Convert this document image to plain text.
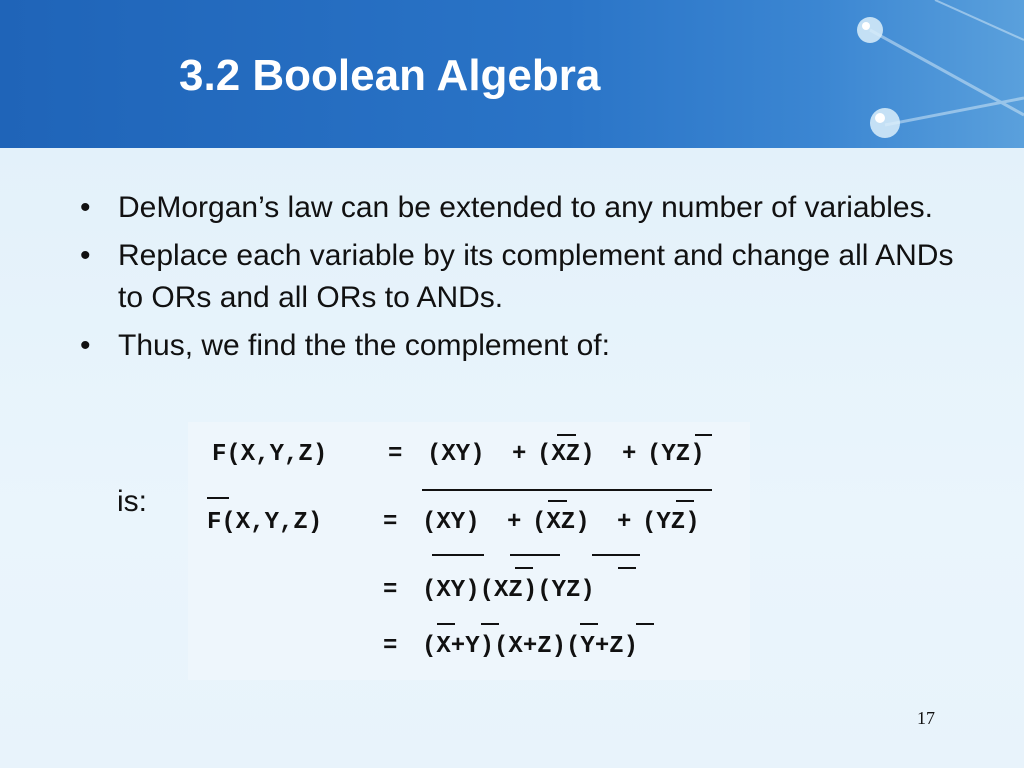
3.2 Boolean Algebra
• DeMorgan’s law can be extended to any number of variables.
• Replace each variable by its complement and change all ANDs to ORs and all ORs to ANDs.
• Thus, we find the the complement of:
is:
F(X,Y,Z)	= (XY) + (XZ) + (YZ)
F(X,Y,Z)	= (XY) + (XZ) + (YZ)
= (XY)(XZ)(YZ)
= (X+Y)(X+Z)(Y+Z)
17
